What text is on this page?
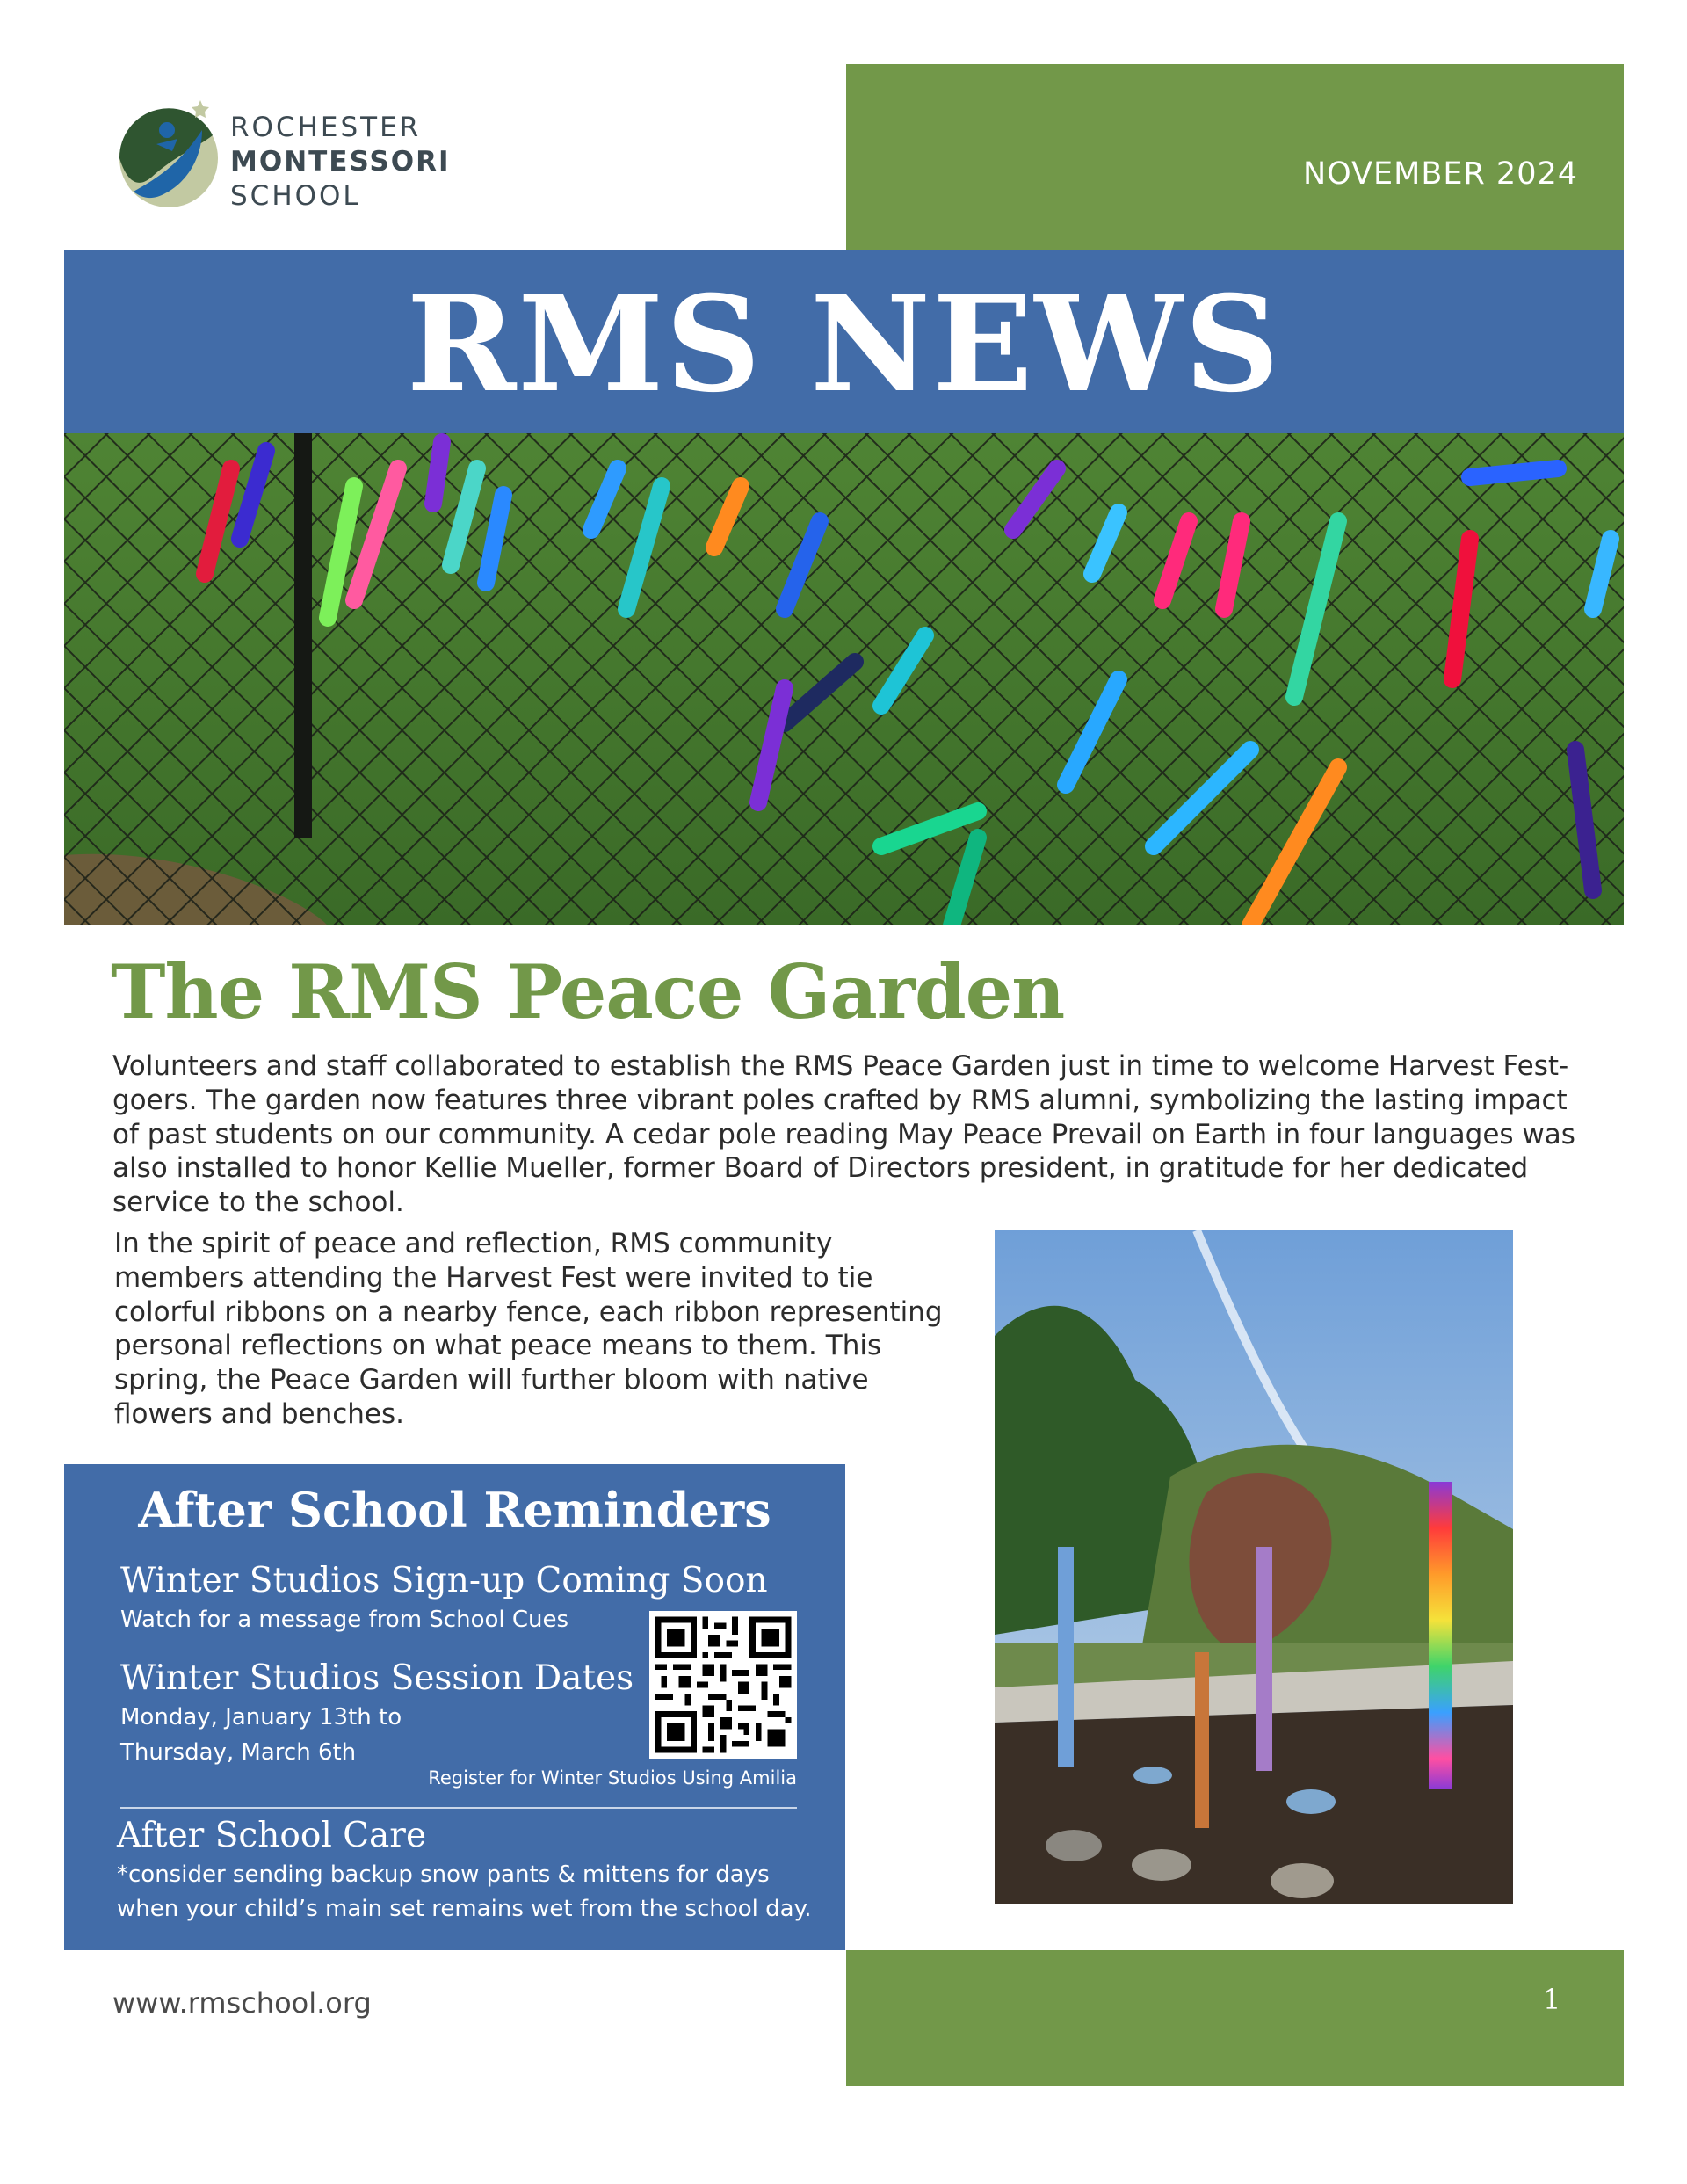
ROCHESTER
MONTESSORI
SCHOOL
NOVEMBER 2024
RMS NEWS
The RMS Peace Garden

Volunteers and staff collaborated to establish the RMS Peace Garden just in time to welcome Harvest Fest-goers. The garden now features three vibrant poles crafted by RMS alumni, symbolizing the lasting impact of past students on our community. A cedar pole reading May Peace Prevail on Earth in four languages was also installed to honor Kellie Mueller, former Board of Directors president, in gratitude for her dedicated service to the school.

In the spirit of peace and reflection, RMS community members attending the Harvest Fest were invited to tie colorful ribbons on a nearby fence, each ribbon representing personal reflections on what peace means to them. This spring, the Peace Garden will further bloom with native flowers and benches.

After School Reminders
Winter Studios Sign-up Coming Soon
Watch for a message from School Cues
Winter Studios Session Dates
Monday, January 13th to
Thursday, March 6th
Register for Winter Studios Using Amilia
After School Care
*consider sending backup snow pants & mittens for days
when your child’s main set remains wet from the school day.
www.rmschool.org	1
